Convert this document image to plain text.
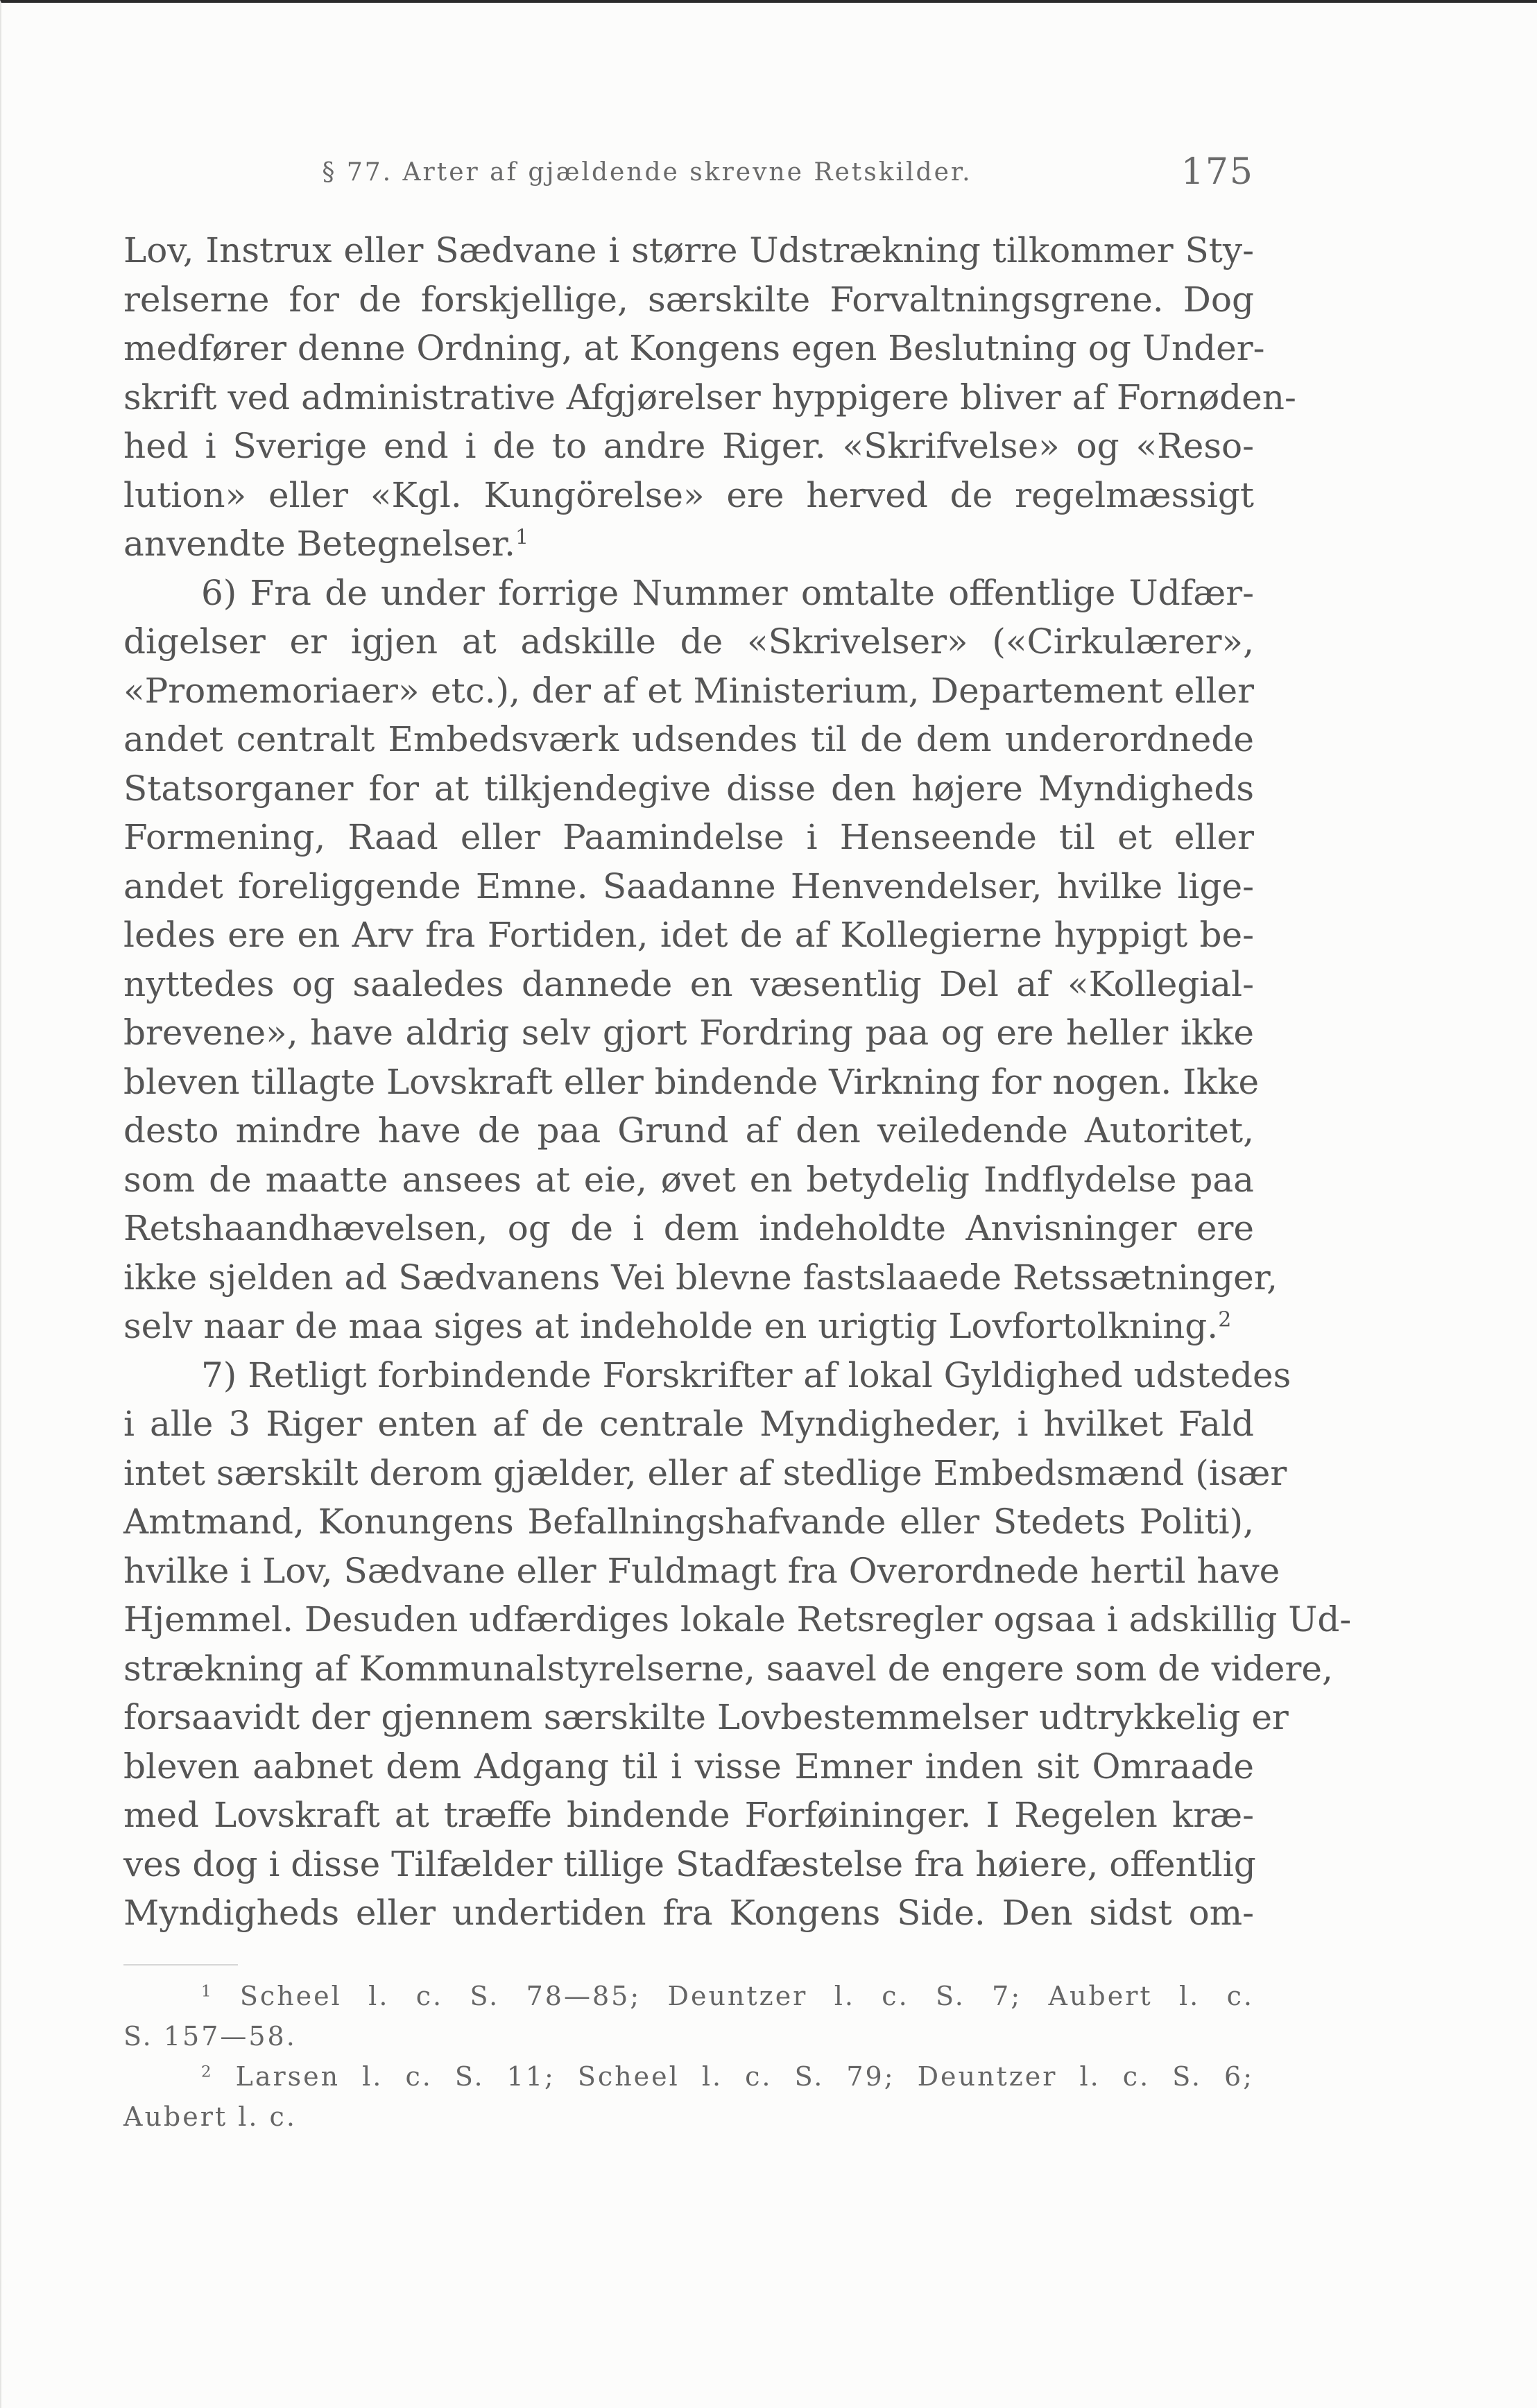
§ 77. Arter af gjældende skrevne Retskilder.	175
Lov, Instrux eller Sædvane i større Udstrækning tilkommer Sty-
relserne for de forskjellige, særskilte Forvaltningsgrene. Dog
medfører denne Ordning, at Kongens egen Beslutning og Under-
skrift ved administrative Afgjørelser hyppigere bliver af Fornøden-
hed i Sverige end i de to andre Riger. «Skrifvelse» og «Reso-
lution» eller «Kgl. Kungörelse» ere herved de regelmæssigt
anvendte Betegnelser.$^1$
6) Fra de under forrige Nummer omtalte offentlige Udfær-
digelser er igjen at adskille de «Skrivelser» («Cirkulærer»,
«Promemoriaer» etc.), der af et Ministerium, Departement eller
andet centralt Embedsværk udsendes til de dem underordnede
Statsorganer for at tilkjendegive disse den højere Myndigheds
Formening, Raad eller Paamindelse i Henseende til et eller
andet foreliggende Emne. Saadanne Henvendelser, hvilke lige-
ledes ere en Arv fra Fortiden, idet de af Kollegierne hyppigt be-
nyttedes og saaledes dannede en væsentlig Del af «Kollegial-
brevene», have aldrig selv gjort Fordring paa og ere heller ikke
bleven tillagte Lovskraft eller bindende Virkning for nogen. Ikke
desto mindre have de paa Grund af den veiledende Autoritet,
som de maatte ansees at eie, øvet en betydelig Indflydelse paa
Retshaandhævelsen, og de i dem indeholdte Anvisninger ere
ikke sjelden ad Sædvanens Vei blevne fastslaaede Retssætninger,
selv naar de maa siges at indeholde en urigtig Lovfortolkning.$^2$
7) Retligt forbindende Forskrifter af lokal Gyldighed udstedes
i alle 3 Riger enten af de centrale Myndigheder, i hvilket Fald
intet særskilt derom gjælder, eller af stedlige Embedsmænd (især
Amtmand, Konungens Befallningshafvande eller Stedets Politi),
hvilke i Lov, Sædvane eller Fuldmagt fra Overordnede hertil have
Hjemmel. Desuden udfærdiges lokale Retsregler ogsaa i adskillig Ud-
strækning af Kommunalstyrelserne, saavel de engere som de videre,
forsaavidt der gjennem særskilte Lovbestemmelser udtrykkelig er
bleven aabnet dem Adgang til i visse Emner inden sit Omraade
med Lovskraft at træffe bindende Forføininger. I Regelen kræ-
ves dog i disse Tilfælder tillige Stadfæstelse fra høiere, offentlig
Myndigheds eller undertiden fra Kongens Side. Den sidst om-
$^1$ Scheel l. c. S. 78—85; Deuntzer l. c. S. 7; Aubert l. c.
S. 157—58.
$^2$ Larsen l. c. S. 11; Scheel l. c. S. 79; Deuntzer l. c. S. 6;
Aubert l. c.
